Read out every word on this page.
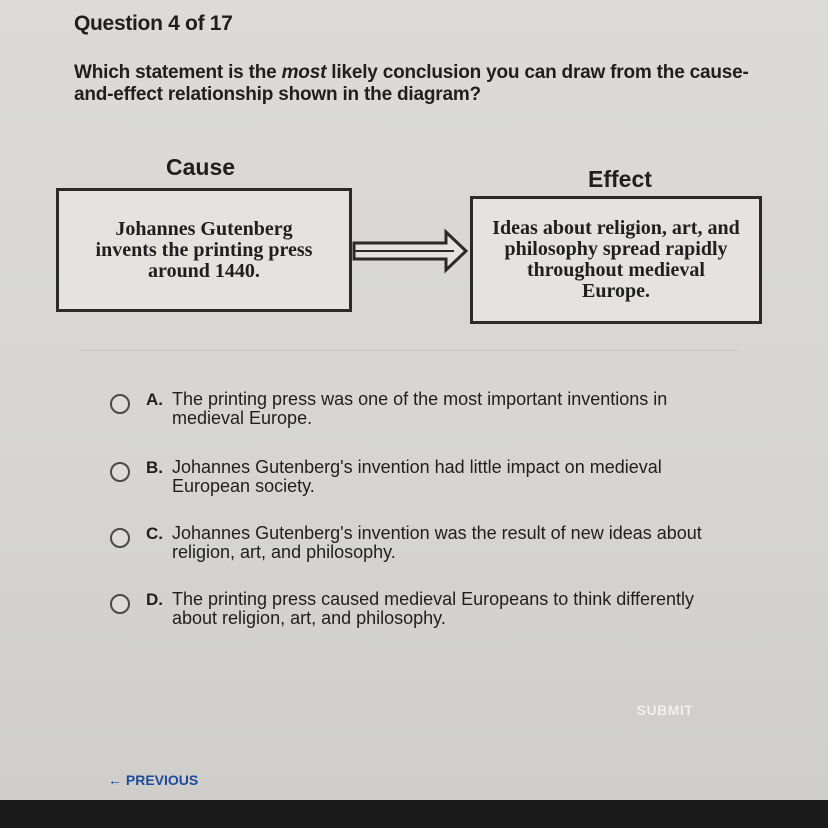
Question 4 of 17
Which statement is the most likely conclusion you can draw from the cause-and-effect relationship shown in the diagram?
Cause
Johannes Gutenberg invents the printing press around 1440.
Effect
Ideas about religion, art, and philosophy spread rapidly throughout medieval Europe.
A. The printing press was one of the most important inventions in medieval Europe.
B. Johannes Gutenberg's invention had little impact on medieval European society.
C. Johannes Gutenberg's invention was the result of new ideas about religion, art, and philosophy.
D. The printing press caused medieval Europeans to think differently about religion, art, and philosophy.
SUBMIT
← PREVIOUS
